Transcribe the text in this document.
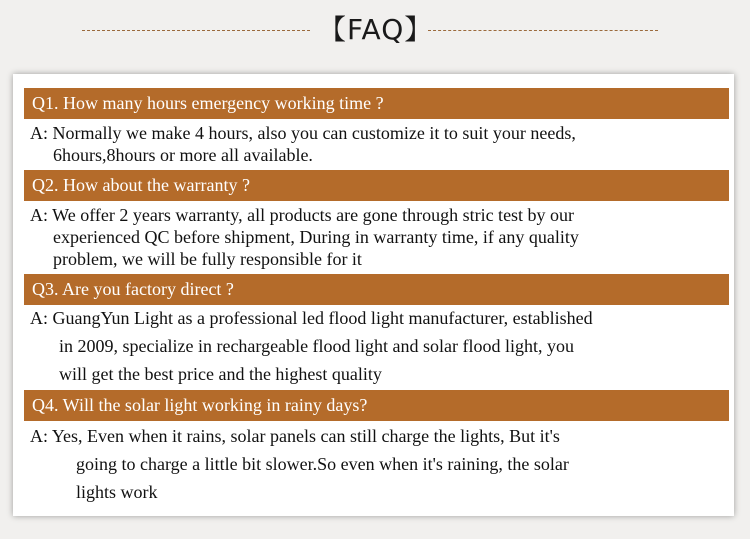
【FAQ】
Q1. How many hours emergency working time ?
A: Normally we make 4 hours, also you can customize it to suit your needs,
6hours,8hours or more all available.
Q2. How about the warranty ?
A: We offer 2 years warranty, all products are gone through stric test by our
experienced QC before shipment, During in warranty time, if any quality
problem, we will be fully responsible for it
Q3. Are you factory direct ?
A: GuangYun Light as a professional led flood light manufacturer, established
in 2009, specialize in rechargeable flood light and solar flood light, you
will get the best price and the highest quality
Q4. Will the solar light working in rainy days?
A: Yes, Even when it rains, solar panels can still charge the lights, But it's
going to charge a little bit slower.So even when it's raining, the solar
lights work
